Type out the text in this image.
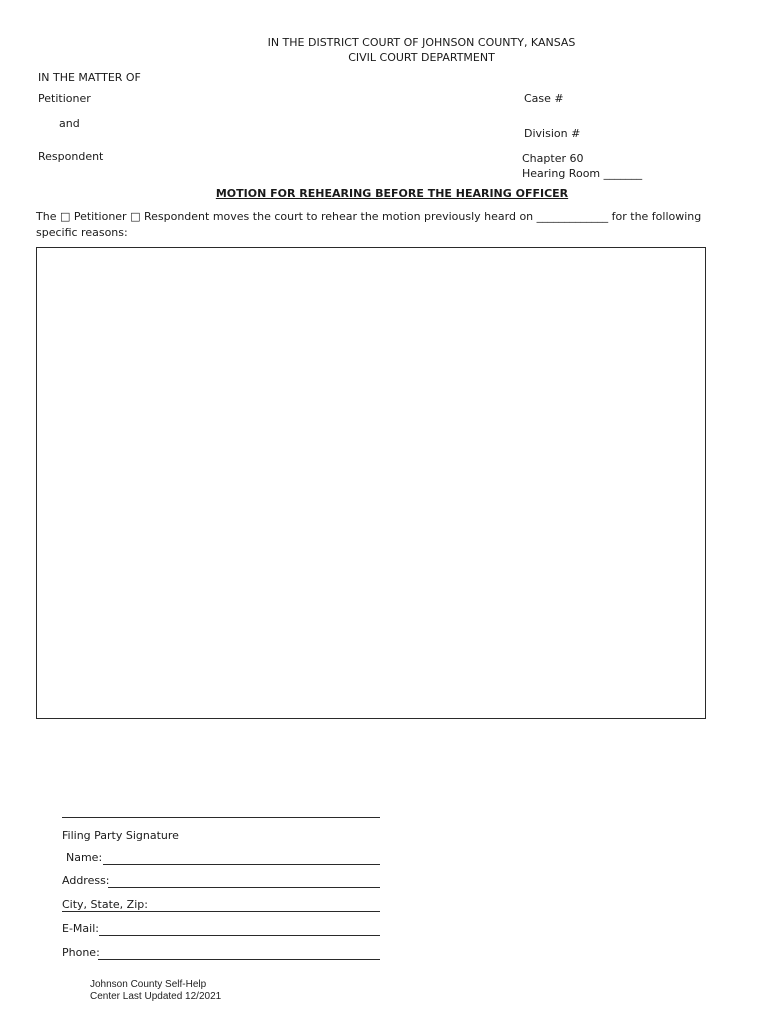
IN THE DISTRICT COURT OF JOHNSON COUNTY, KANSAS
CIVIL COURT DEPARTMENT
IN THE MATTER OF
Petitioner
and
Respondent
Case #
Division #
Chapter 60
Hearing Room _______
MOTION FOR REHEARING BEFORE THE HEARING OFFICER
The □ Petitioner □ Respondent moves the court to rehear the motion previously heard on _____________ for the following
specific reasons:
Filing Party Signature
Name:
Address:
City, State, Zip:
E-Mail:
Phone:
Johnson County Self-Help
Center Last Updated 12/2021
